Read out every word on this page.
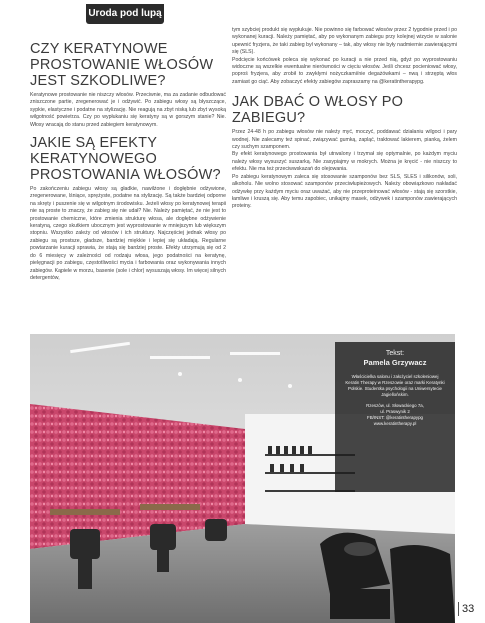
Uroda pod lupą
CZY KERATYNOWE PROSTOWANIE WŁOSÓW JEST SZKODLIWE?

Keratynowe prostowanie nie niszczy włosów. Przeciwnie, ma za zadanie odbudować zniszczone partie, zregenerować je i odżywić. Po zabiegu włosy są błyszczące, sypkie, elastyczne i podatne na stylizację. Nie reagują na zbyt niską lub zbyt wysoką wilgotność powietrza. Czy po wypłukaniu się keratyny są w gorszym stanie? Nie. Włosy wracają do stanu przed zabiegiem keratynowym.

JAKIE SĄ EFEKTY KERATYNOWEGO PROSTOWANIA WŁOSÓW?

Po zakończeniu zabiegu włosy są gładkie, nawilżone i dogłębnie odżywione, zregenerowane, lśniące, sprężyste, podatne na stylizację. Są także bardziej odporne na skręty i puszenie się w wilgotnym środowisku. Jeżeli włosy po keratynowej terapii nie są proste to znaczy, że zabieg się nie udał? Nie. Należy pamiętać, że nie jest to prostowanie chemiczne, które zmienia strukturę włosa, ale dogłębne odżywienie keratyną, czego skutkiem ubocznym jest wyprostowanie w mniejszym lub większym stopniu. Wszystko zależy od włosów i ich struktury. Najczęściej jednak włosy po zabiegu są prostsze, gładsze, bardziej miękkie i lepiej się układają. Regularne powtarzanie kuracji sprawia, że stają się bardziej proste. Efekty utrzymują się od 2 do 6 miesięcy w zależności od rodzaju włosa, jego podatności na keratynę, pielęgnacji po zabiegu, częstotliwości mycia i farbowania oraz wykonywania innych zabiegów. Kąpiele w morzu, basenie (sole i chlor) wysuszają włosy. Im więcej silnych detergentów,

tym szybciej produkt się wypłukuje. Nie powinno się farbować włosów przez 2 tygodnie przed i po wykonanej kuracji. Należy pamiętać, aby po wykonanym zabiegu przy kolejnej wizycie w salonie upewnić fryzjera, że taki zabieg był wykonany – tak, aby włosy nie były nadmiernie zawierającymi się (SLS).

Podcięcie końcówek poleca się wykonać po kuracji a nie przed nią, gdyż po wyprostowaniu widoczne są wszelkie ewentualne nierówności w cięciu włosów. Jeśli chcesz pocieniować włosy, poproś fryzjera, aby zrobił to zwykłymi nożyczkami/nie degażówkami – nwą i strzęptą włos zamiast go ciąć. Aby zobaczyć efekty zabiegów zapraszamy na @keratintherapypg.

JAK DBAĆ O WŁOSY PO ZABIEGU?

Przez 24-48 h po zabiegu włosów nie należy myć, moczyć, poddawać działaniu wilgoci i pary wodnej. Nie zalecamy też spinać, związywać gumką, zapląć, traktować lakierem, pianką, żelem czy suchym szamponem.

By efekt keratynowego prostowania był utrwalony i trzymał się optymalnie, po każdym myciu należy włosy wysuszyć suszarką. Nie zasypiajmy w mokrych. Można je kręcić - nie niszczy to efektu. Nie ma też przeciwwskazań do olejowania.

Po zabiegu keratynowym zaleca się stosowanie szamponów bez SLS, SLES i silikonów, soli, alkoholu. Nie wolno stosować szamponów przeciwłupieżowych. Należy obowiązkowo nakładać odżywkę przy każdym myciu oraz uważać, aby nie przeproteinować włosów - stają się szorstkie, łamliwe i kruszą się. Aby temu zapobiec, unikajmy masek, odżywek i szamponów zawierających proteiny.

Tekst:
Pamela Grzywacz
Właścicielka salonu i założyciel szkoleniowej Keratin Therapy w Rzeszowie oraz marki Keratynki Polskie. Studentka psychologii na Uniwersytecie Jagiellońskim.
Rzeszów, ul. Słowackiego 7a,
ul. Praswynik 2
FB/INST: @keratintherapypg
www.keratintherapy.pl
33
